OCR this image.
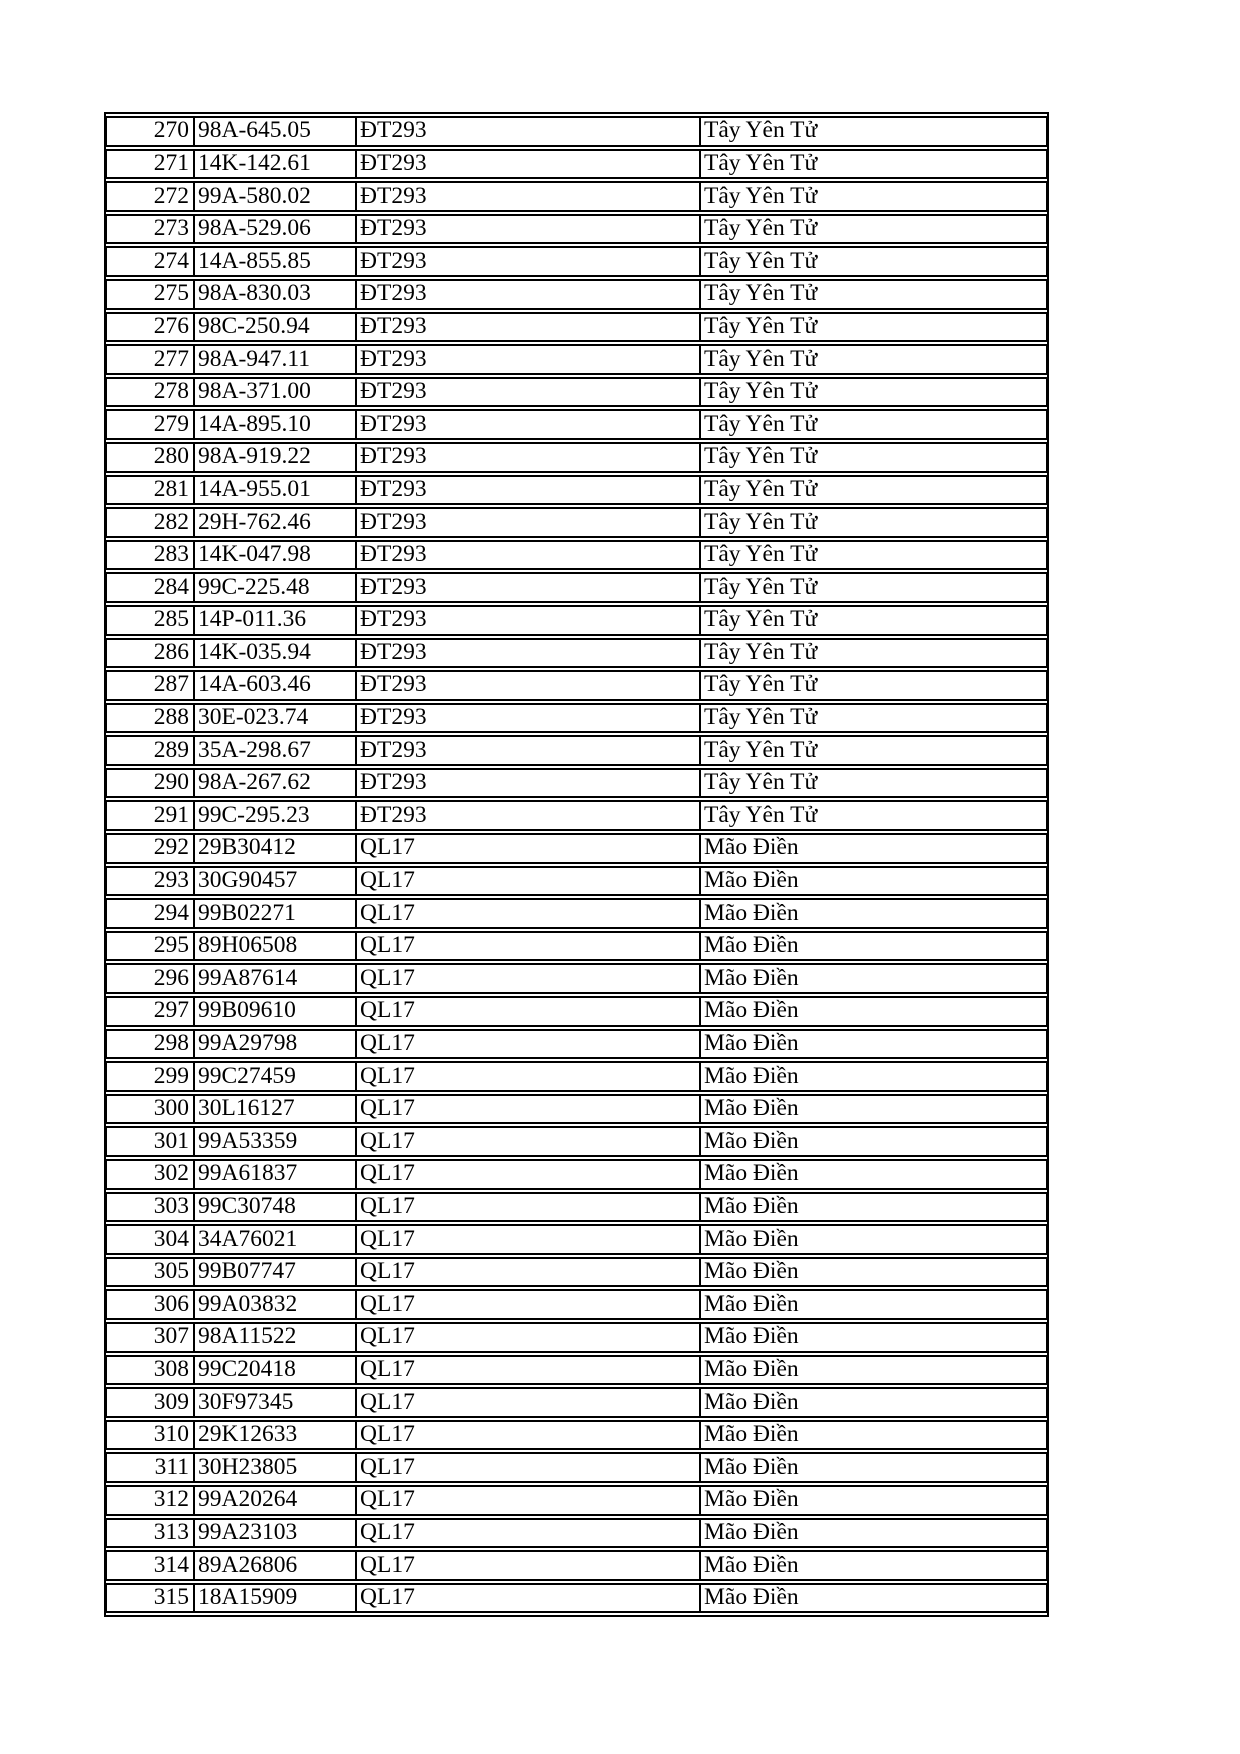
270	98A-645.05	ĐT293	Tây Yên Tử
271	14K-142.61	ĐT293	Tây Yên Tử
272	99A-580.02	ĐT293	Tây Yên Tử
273	98A-529.06	ĐT293	Tây Yên Tử
274	14A-855.85	ĐT293	Tây Yên Tử
275	98A-830.03	ĐT293	Tây Yên Tử
276	98C-250.94	ĐT293	Tây Yên Tử
277	98A-947.11	ĐT293	Tây Yên Tử
278	98A-371.00	ĐT293	Tây Yên Tử
279	14A-895.10	ĐT293	Tây Yên Tử
280	98A-919.22	ĐT293	Tây Yên Tử
281	14A-955.01	ĐT293	Tây Yên Tử
282	29H-762.46	ĐT293	Tây Yên Tử
283	14K-047.98	ĐT293	Tây Yên Tử
284	99C-225.48	ĐT293	Tây Yên Tử
285	14P-011.36	ĐT293	Tây Yên Tử
286	14K-035.94	ĐT293	Tây Yên Tử
287	14A-603.46	ĐT293	Tây Yên Tử
288	30E-023.74	ĐT293	Tây Yên Tử
289	35A-298.67	ĐT293	Tây Yên Tử
290	98A-267.62	ĐT293	Tây Yên Tử
291	99C-295.23	ĐT293	Tây Yên Tử
292	29B30412	QL17	Mão Điền
293	30G90457	QL17	Mão Điền
294	99B02271	QL17	Mão Điền
295	89H06508	QL17	Mão Điền
296	99A87614	QL17	Mão Điền
297	99B09610	QL17	Mão Điền
298	99A29798	QL17	Mão Điền
299	99C27459	QL17	Mão Điền
300	30L16127	QL17	Mão Điền
301	99A53359	QL17	Mão Điền
302	99A61837	QL17	Mão Điền
303	99C30748	QL17	Mão Điền
304	34A76021	QL17	Mão Điền
305	99B07747	QL17	Mão Điền
306	99A03832	QL17	Mão Điền
307	98A11522	QL17	Mão Điền
308	99C20418	QL17	Mão Điền
309	30F97345	QL17	Mão Điền
310	29K12633	QL17	Mão Điền
311	30H23805	QL17	Mão Điền
312	99A20264	QL17	Mão Điền
313	99A23103	QL17	Mão Điền
314	89A26806	QL17	Mão Điền
315	18A15909	QL17	Mão Điền
